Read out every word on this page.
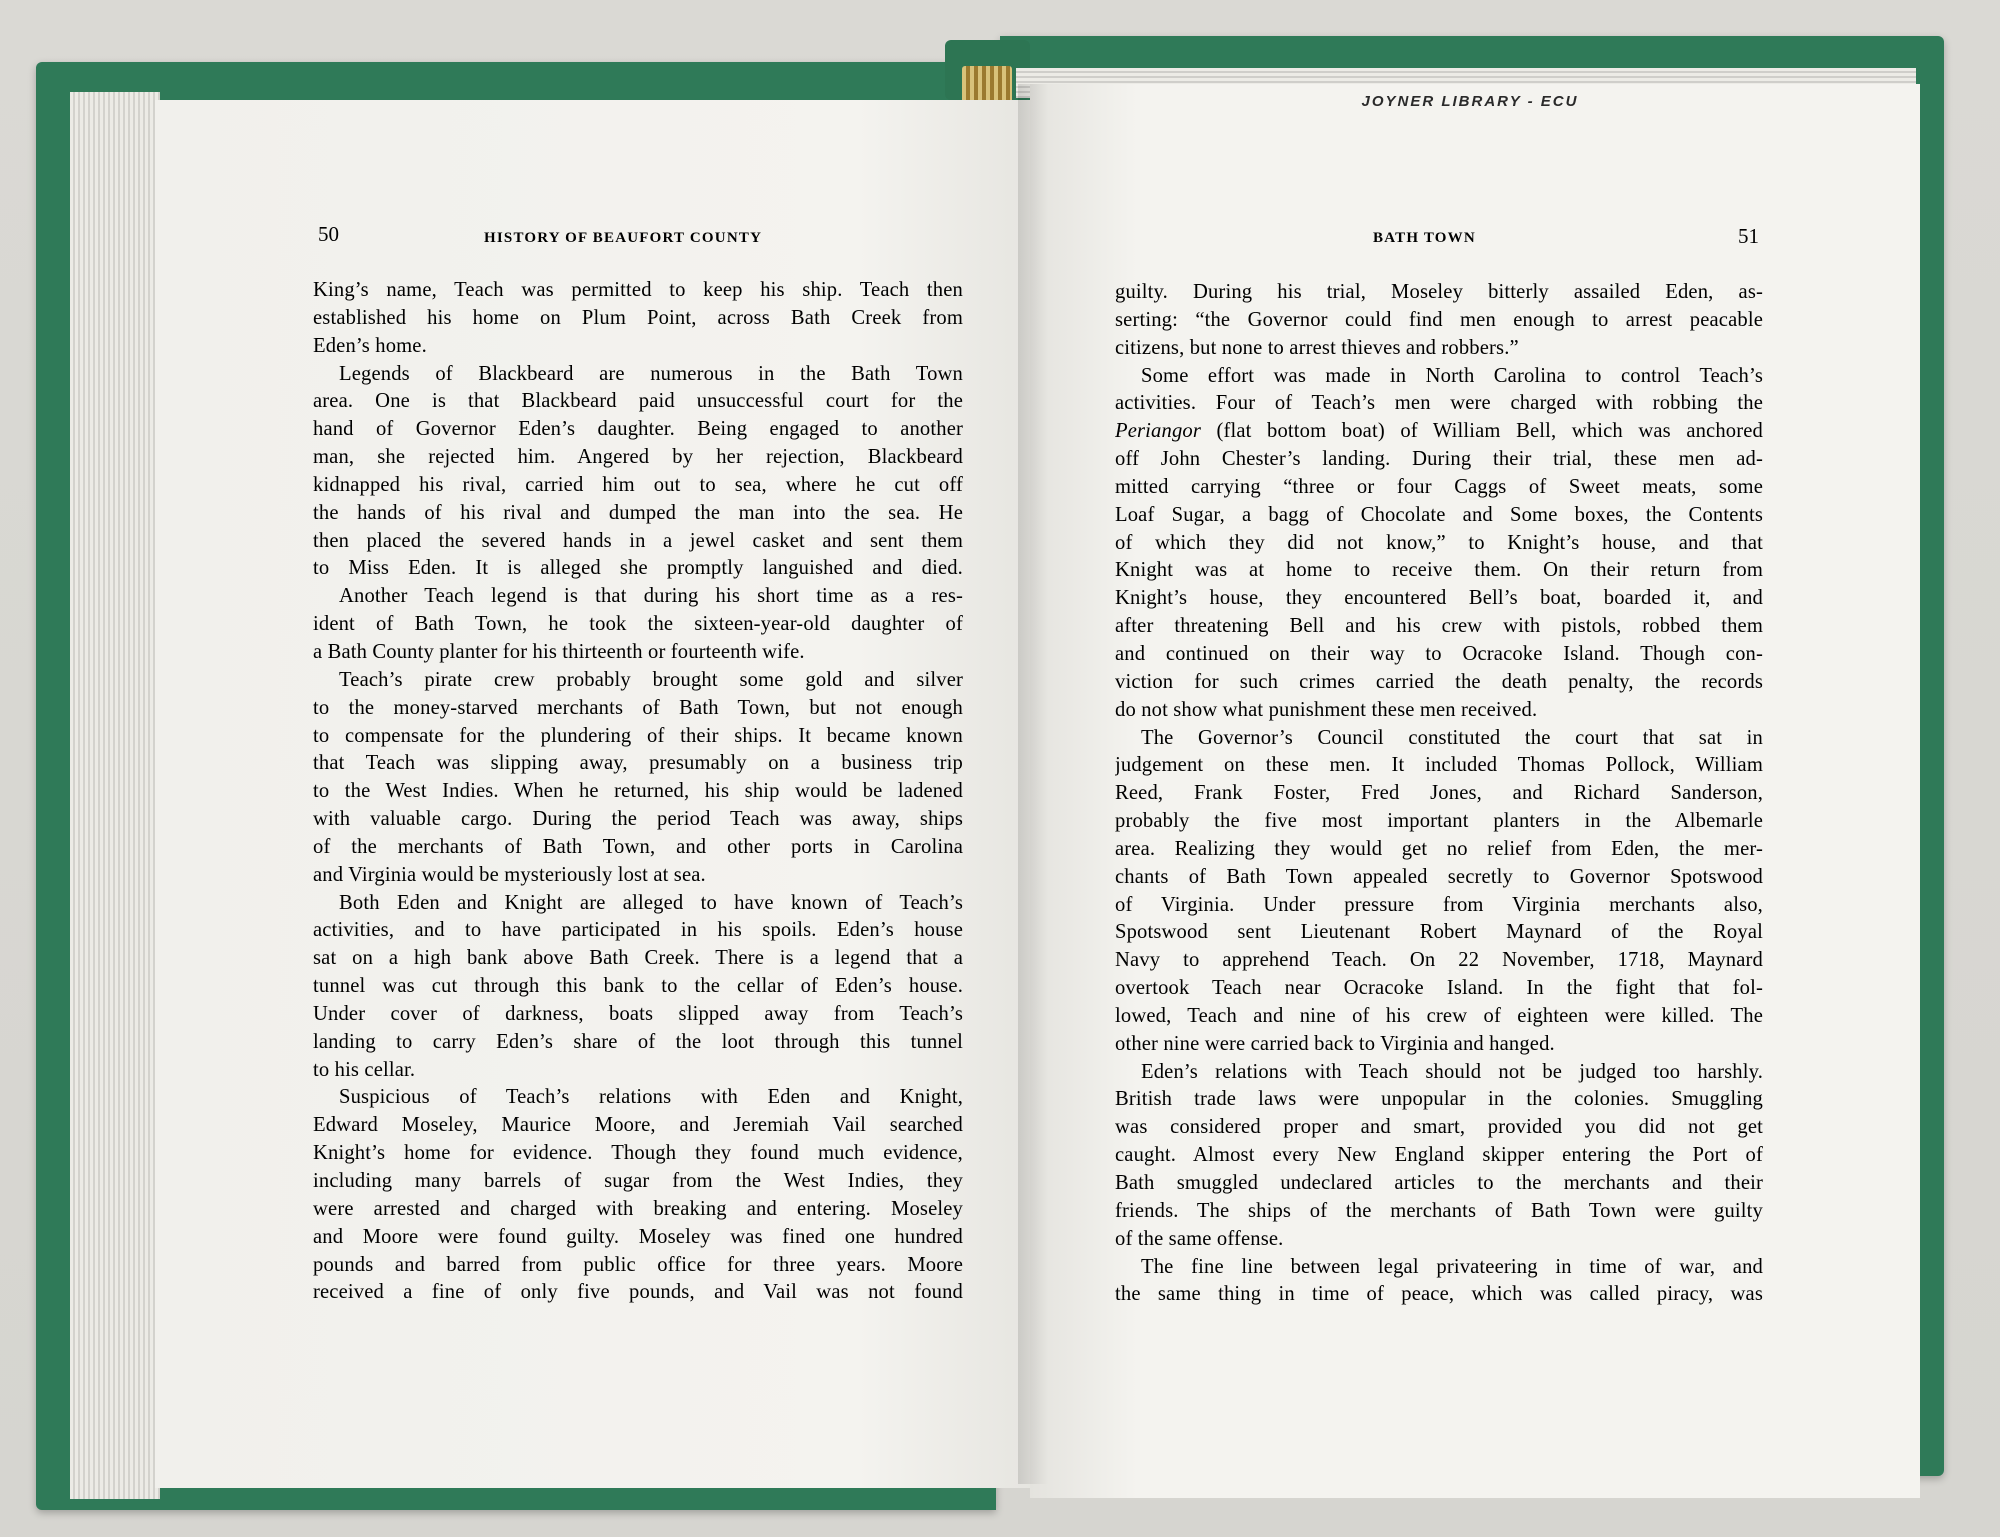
JOYNER LIBRARY - ECU
50	HISTORY OF BEAUFORT COUNTY	BATH TOWN	51
King’s name, Teach was permitted to keep his ship. Teach then
established his home on Plum Point, across Bath Creek from
Eden’s home.
Legends of Blackbeard are numerous in the Bath Town
area. One is that Blackbeard paid unsuccessful court for the
hand of Governor Eden’s daughter. Being engaged to another
man, she rejected him. Angered by her rejection, Blackbeard
kidnapped his rival, carried him out to sea, where he cut off
the hands of his rival and dumped the man into the sea. He
then placed the severed hands in a jewel casket and sent them
to Miss Eden. It is alleged she promptly languished and died.
Another Teach legend is that during his short time as a res-
ident of Bath Town, he took the sixteen-year-old daughter of
a Bath County planter for his thirteenth or fourteenth wife.
Teach’s pirate crew probably brought some gold and silver
to the money-starved merchants of Bath Town, but not enough
to compensate for the plundering of their ships. It became known
that Teach was slipping away, presumably on a business trip
to the West Indies. When he returned, his ship would be ladened
with valuable cargo. During the period Teach was away, ships
of the merchants of Bath Town, and other ports in Carolina
and Virginia would be mysteriously lost at sea.
Both Eden and Knight are alleged to have known of Teach’s
activities, and to have participated in his spoils. Eden’s house
sat on a high bank above Bath Creek. There is a legend that a
tunnel was cut through this bank to the cellar of Eden’s house.
Under cover of darkness, boats slipped away from Teach’s
landing to carry Eden’s share of the loot through this tunnel
to his cellar.
Suspicious of Teach’s relations with Eden and Knight,
Edward Moseley, Maurice Moore, and Jeremiah Vail searched
Knight’s home for evidence. Though they found much evidence,
including many barrels of sugar from the West Indies, they
were arrested and charged with breaking and entering. Moseley
and Moore were found guilty. Moseley was fined one hundred
pounds and barred from public office for three years. Moore
received a fine of only five pounds, and Vail was not found
guilty. During his trial, Moseley bitterly assailed Eden, as-
serting: “the Governor could find men enough to arrest peacable
citizens, but none to arrest thieves and robbers.”
Some effort was made in North Carolina to control Teach’s
activities. Four of Teach’s men were charged with robbing the
Periangor (flat bottom boat) of William Bell, which was anchored
off John Chester’s landing. During their trial, these men ad-
mitted carrying “three or four Caggs of Sweet meats, some
Loaf Sugar, a bagg of Chocolate and Some boxes, the Contents
of which they did not know,” to Knight’s house, and that
Knight was at home to receive them. On their return from
Knight’s house, they encountered Bell’s boat, boarded it, and
after threatening Bell and his crew with pistols, robbed them
and continued on their way to Ocracoke Island. Though con-
viction for such crimes carried the death penalty, the records
do not show what punishment these men received.
The Governor’s Council constituted the court that sat in
judgement on these men. It included Thomas Pollock, William
Reed, Frank Foster, Fred Jones, and Richard Sanderson,
probably the five most important planters in the Albemarle
area. Realizing they would get no relief from Eden, the mer-
chants of Bath Town appealed secretly to Governor Spotswood
of Virginia. Under pressure from Virginia merchants also,
Spotswood sent Lieutenant Robert Maynard of the Royal
Navy to apprehend Teach. On 22 November, 1718, Maynard
overtook Teach near Ocracoke Island. In the fight that fol-
lowed, Teach and nine of his crew of eighteen were killed. The
other nine were carried back to Virginia and hanged.
Eden’s relations with Teach should not be judged too harshly.
British trade laws were unpopular in the colonies. Smuggling
was considered proper and smart, provided you did not get
caught. Almost every New England skipper entering the Port of
Bath smuggled undeclared articles to the merchants and their
friends. The ships of the merchants of Bath Town were guilty
of the same offense.
The fine line between legal privateering in time of war, and
the same thing in time of peace, which was called piracy, was
